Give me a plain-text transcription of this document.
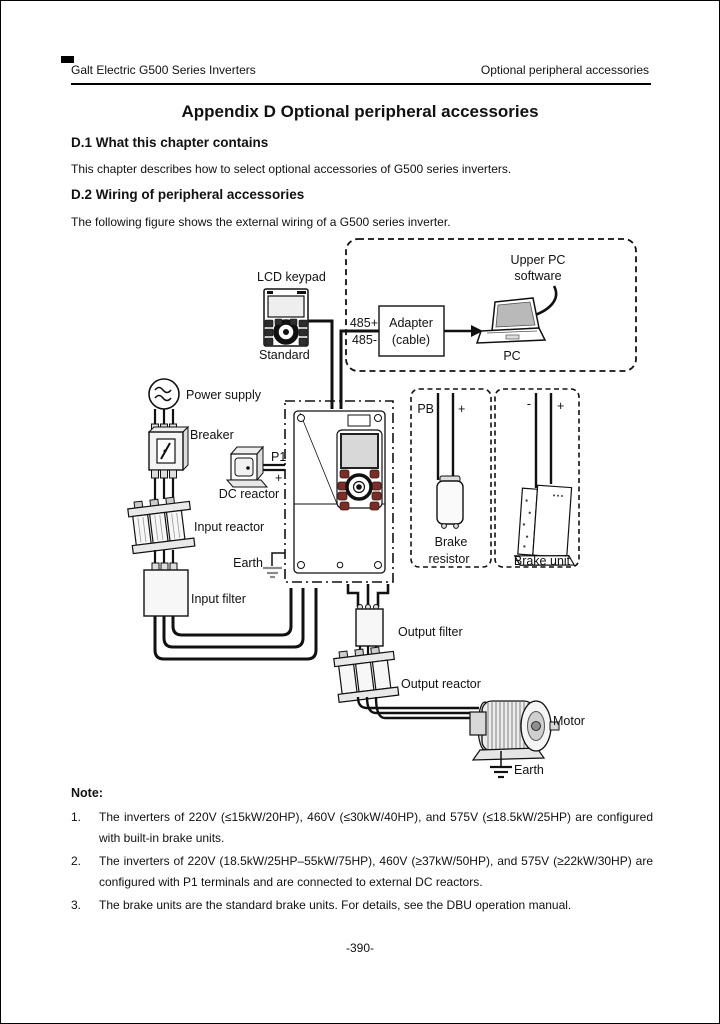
Galt Electric G500 Series Inverters	Optional peripheral accessories
Appendix D Optional peripheral accessories
D.1 What this chapter contains
This chapter describes how to select optional accessories of G500 series inverters.
D.2 Wiring of peripheral accessories
The following figure shows the external wiring of a G500 series inverter.
Upper PC
software
PC
Adapter
(cable)
485+
485-
LCD keypad
Standard
Power supply
Breaker
Input reactor
Input filter
P1
+
DC reactor
Earth
PB +
Brake
resistor
- +
Brake unit
Output filter
Output reactor
Motor
Earth
Note:
1.	The inverters of 220V (≤15kW/20HP), 460V (≤30kW/40HP), and 575V (≤18.5kW/25HP) are configured with built-in brake units.
2.	The inverters of 220V (18.5kW/25HP–55kW/75HP), 460V (≥37kW/50HP), and 575V (≥22kW/30HP) are configured with P1 terminals and are connected to external DC reactors.
3.	The brake units are the standard brake units. For details, see the DBU operation manual.
-390-
